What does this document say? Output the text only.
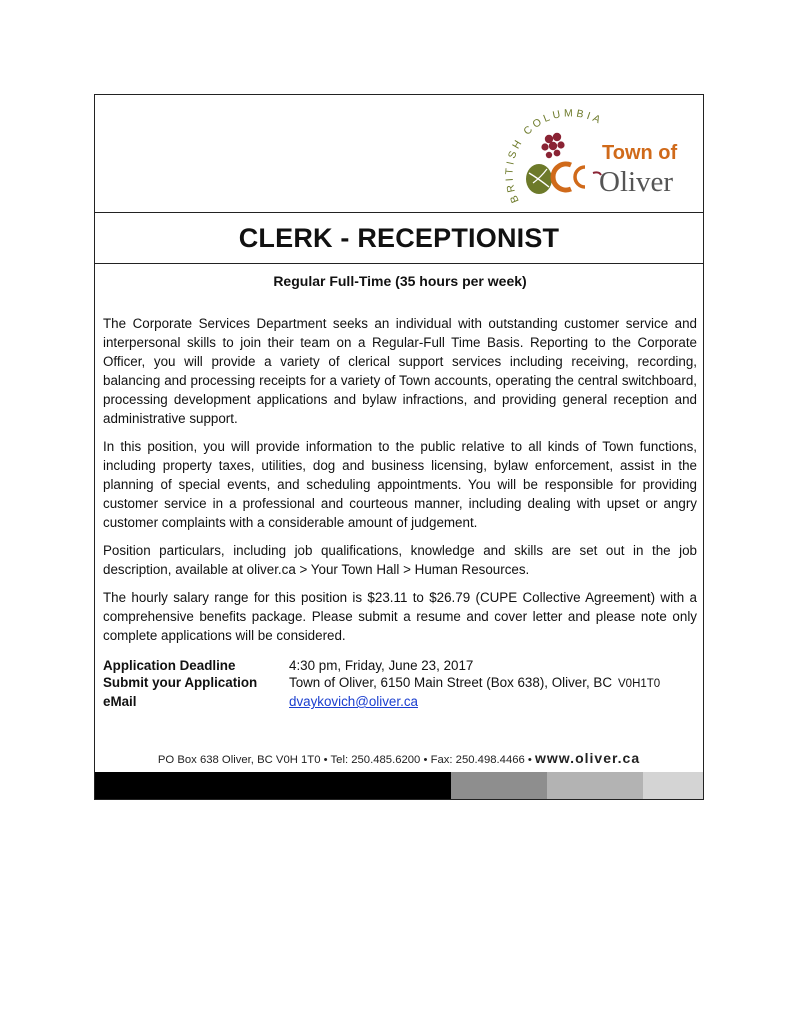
BRITISH COLUMBIA
Town of
Oliver
CLERK - RECEPTIONIST
Regular Full-Time (35 hours per week)

The Corporate Services Department seeks an individual with outstanding customer service and interpersonal skills to join their team on a Regular-Full Time Basis. Reporting to the Corporate Officer, you will provide a variety of clerical support services including receiving, recording, balancing and processing receipts for a variety of Town accounts, operating the central switchboard, processing development applications and bylaw infractions, and providing general reception and administrative support.

In this position, you will provide information to the public relative to all kinds of Town functions, including property taxes, utilities, dog and business licensing, bylaw enforcement, assist in the planning of special events, and scheduling appointments. You will be responsible for providing customer service in a professional and courteous manner, including dealing with upset or angry customer complaints with a considerable amount of judgement.

Position particulars, including job qualifications, knowledge and skills are set out in the job description, available at oliver.ca > Your Town Hall > Human Resources.

The hourly salary range for this position is $23.11 to $26.79 (CUPE Collective Agreement) with a comprehensive benefits package. Please submit a resume and cover letter and please note only complete applications will be considered.

Application Deadline	4:30 pm, Friday, June 23, 2017
Submit your Application	Town of Oliver, 6150 Main Street (Box 638), Oliver, BC V0H1T0
eMail	dvaykovich@oliver.ca
PO Box 638 Oliver, BC V0H 1T0 • Tel: 250.485.6200 • Fax: 250.498.4466 • www.oliver.ca
